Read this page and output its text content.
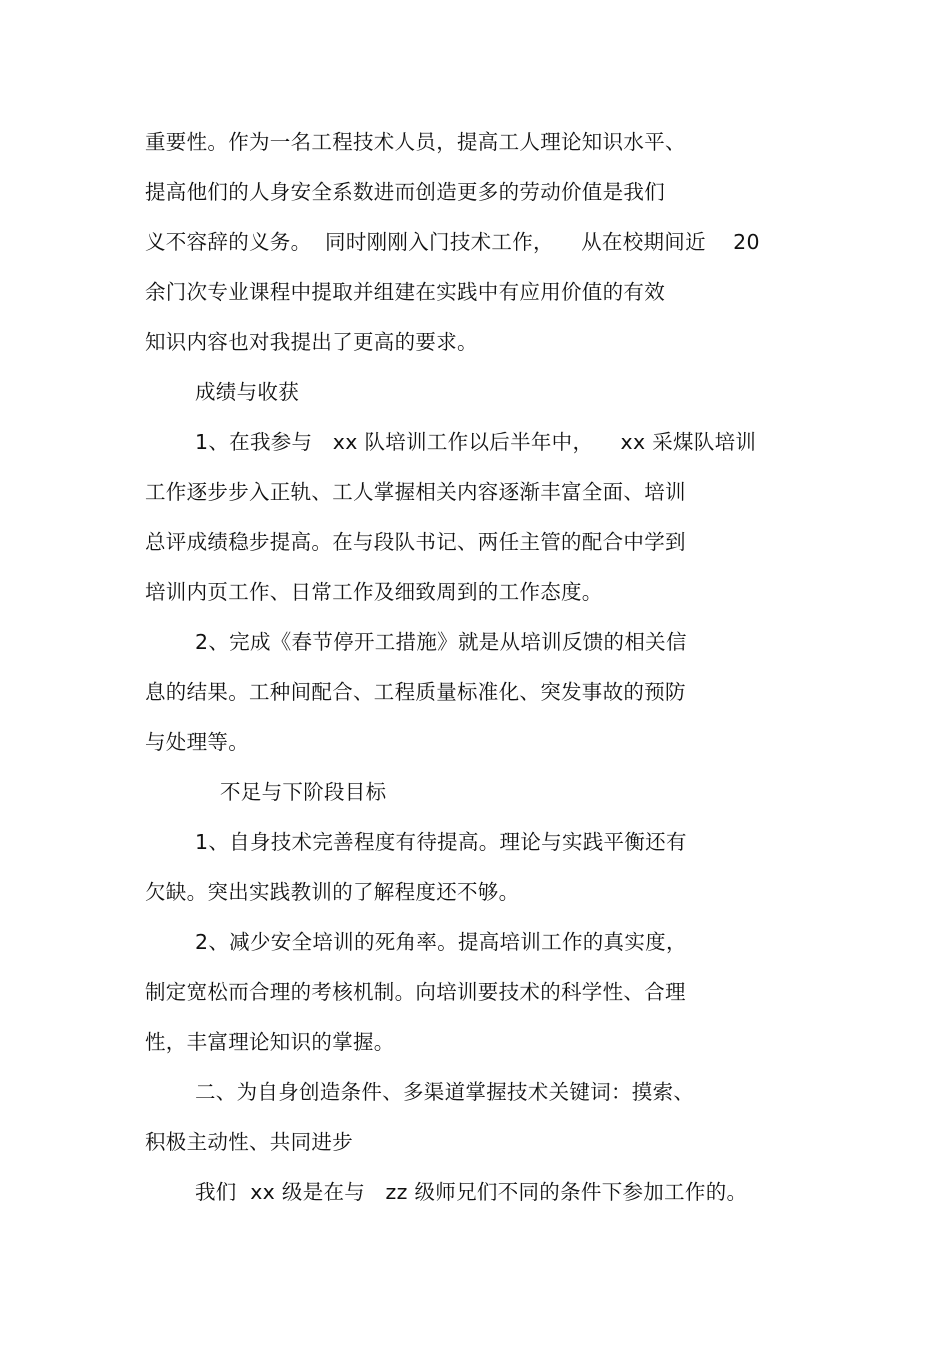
重要性。作为一名工程技术人员，提高工人理论知识水平、
提高他们的人身安全系数进而创造更多的劳动价值是我们
义不容辞的义务。  同时刚刚入门技术工作，    从在校期间近    20
余门次专业课程中提取并组建在实践中有应用价值的有效
知识内容也对我提出了更高的要求。
成绩与收获
1、在我参与   xx 队培训工作以后半年中，    xx 采煤队培训
工作逐步步入正轨、工人掌握相关内容逐渐丰富全面、培训
总评成绩稳步提高。在与段队书记、两任主管的配合中学到
培训内页工作、日常工作及细致周到的工作态度。
2、完成《春节停开工措施》就是从培训反馈的相关信
息的结果。工种间配合、工程质量标准化、突发事故的预防
与处理等。
不足与下阶段目标
1、自身技术完善程度有待提高。理论与实践平衡还有
欠缺。突出实践教训的了解程度还不够。
2、减少安全培训的死角率。提高培训工作的真实度，
制定宽松而合理的考核机制。向培训要技术的科学性、合理
性，丰富理论知识的掌握。
二、为自身创造条件、多渠道掌握技术关键词：摸索、
积极主动性、共同进步
我们  xx 级是在与   zz 级师兄们不同的条件下参加工作的。
